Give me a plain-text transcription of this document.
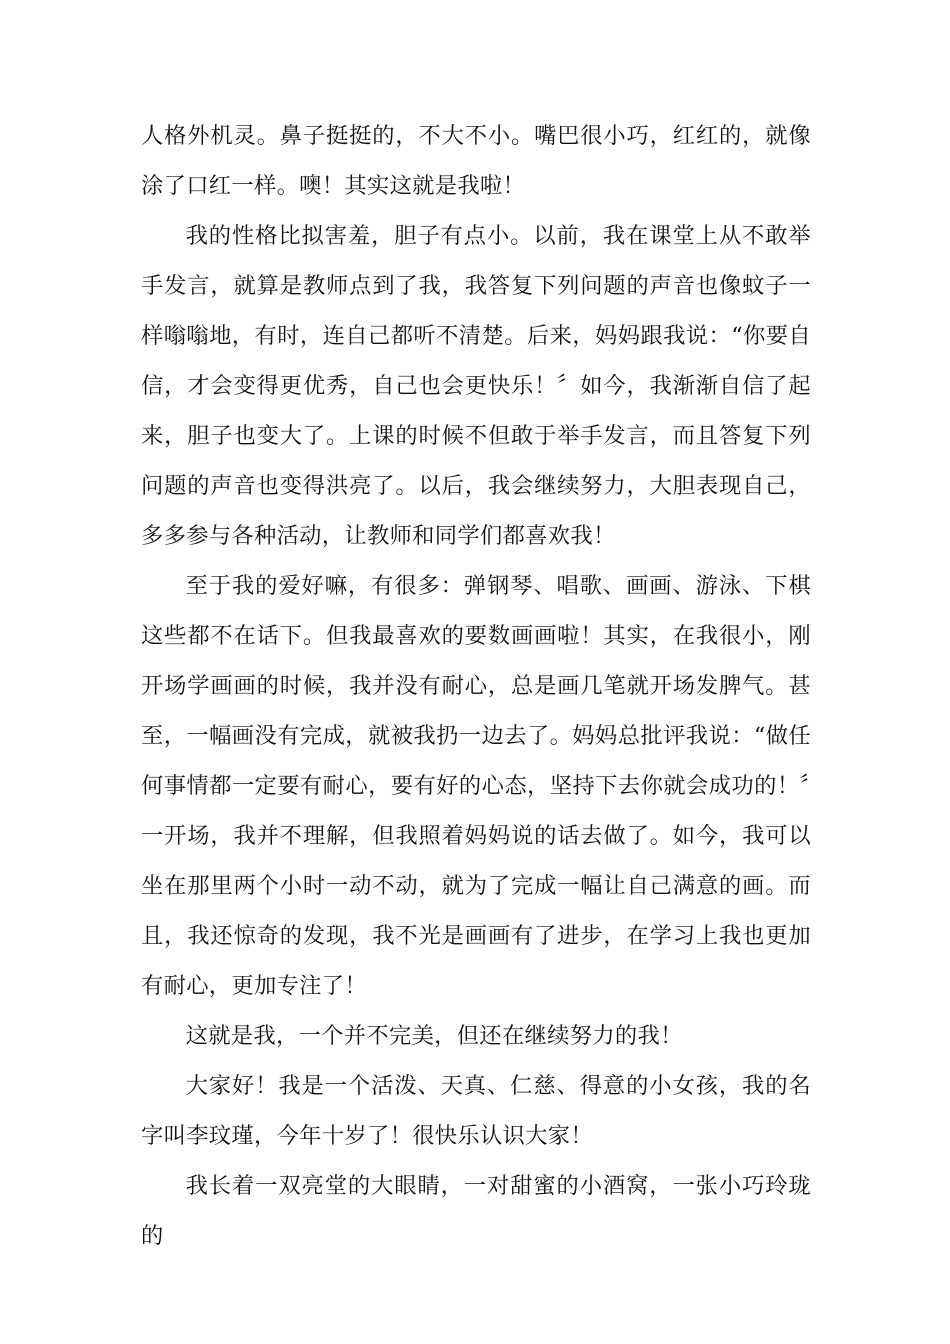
人格外机灵。鼻子挺挺的，不大不小。嘴巴很小巧，红红的，就像涂了口红一样。噢！其实这就是我啦！

我的性格比拟害羞，胆子有点小。以前，我在课堂上从不敢举手发言，就算是教师点到了我，我答复下列问题的声音也像蚊子一样嗡嗡地，有时，连自己都听不清楚。后来，妈妈跟我说：“你要自信，才会变得更优秀，自己也会更快乐！〞如今，我渐渐自信了起来，胆子也变大了。上课的时候不但敢于举手发言，而且答复下列问题的声音也变得洪亮了。以后，我会继续努力，大胆表现自己，多多参与各种活动，让教师和同学们都喜欢我！

至于我的爱好嘛，有很多：弹钢琴、唱歌、画画、游泳、下棋这些都不在话下。但我最喜欢的要数画画啦！其实，在我很小，刚开场学画画的时候，我并没有耐心，总是画几笔就开场发脾气。甚至，一幅画没有完成，就被我扔一边去了。妈妈总批评我说：“做任何事情都一定要有耐心，要有好的心态，坚持下去你就会成功的！〞一开场，我并不理解，但我照着妈妈说的话去做了。如今，我可以坐在那里两个小时一动不动，就为了完成一幅让自己满意的画。而且，我还惊奇的发现，我不光是画画有了进步，在学习上我也更加有耐心，更加专注了！

这就是我，一个并不完美，但还在继续努力的我！

大家好！我是一个活泼、天真、仁慈、得意的小女孩，我的名字叫李玟瑾，今年十岁了！很快乐认识大家！

我长着一双亮堂的大眼睛，一对甜蜜的小酒窝，一张小巧玲珑的
